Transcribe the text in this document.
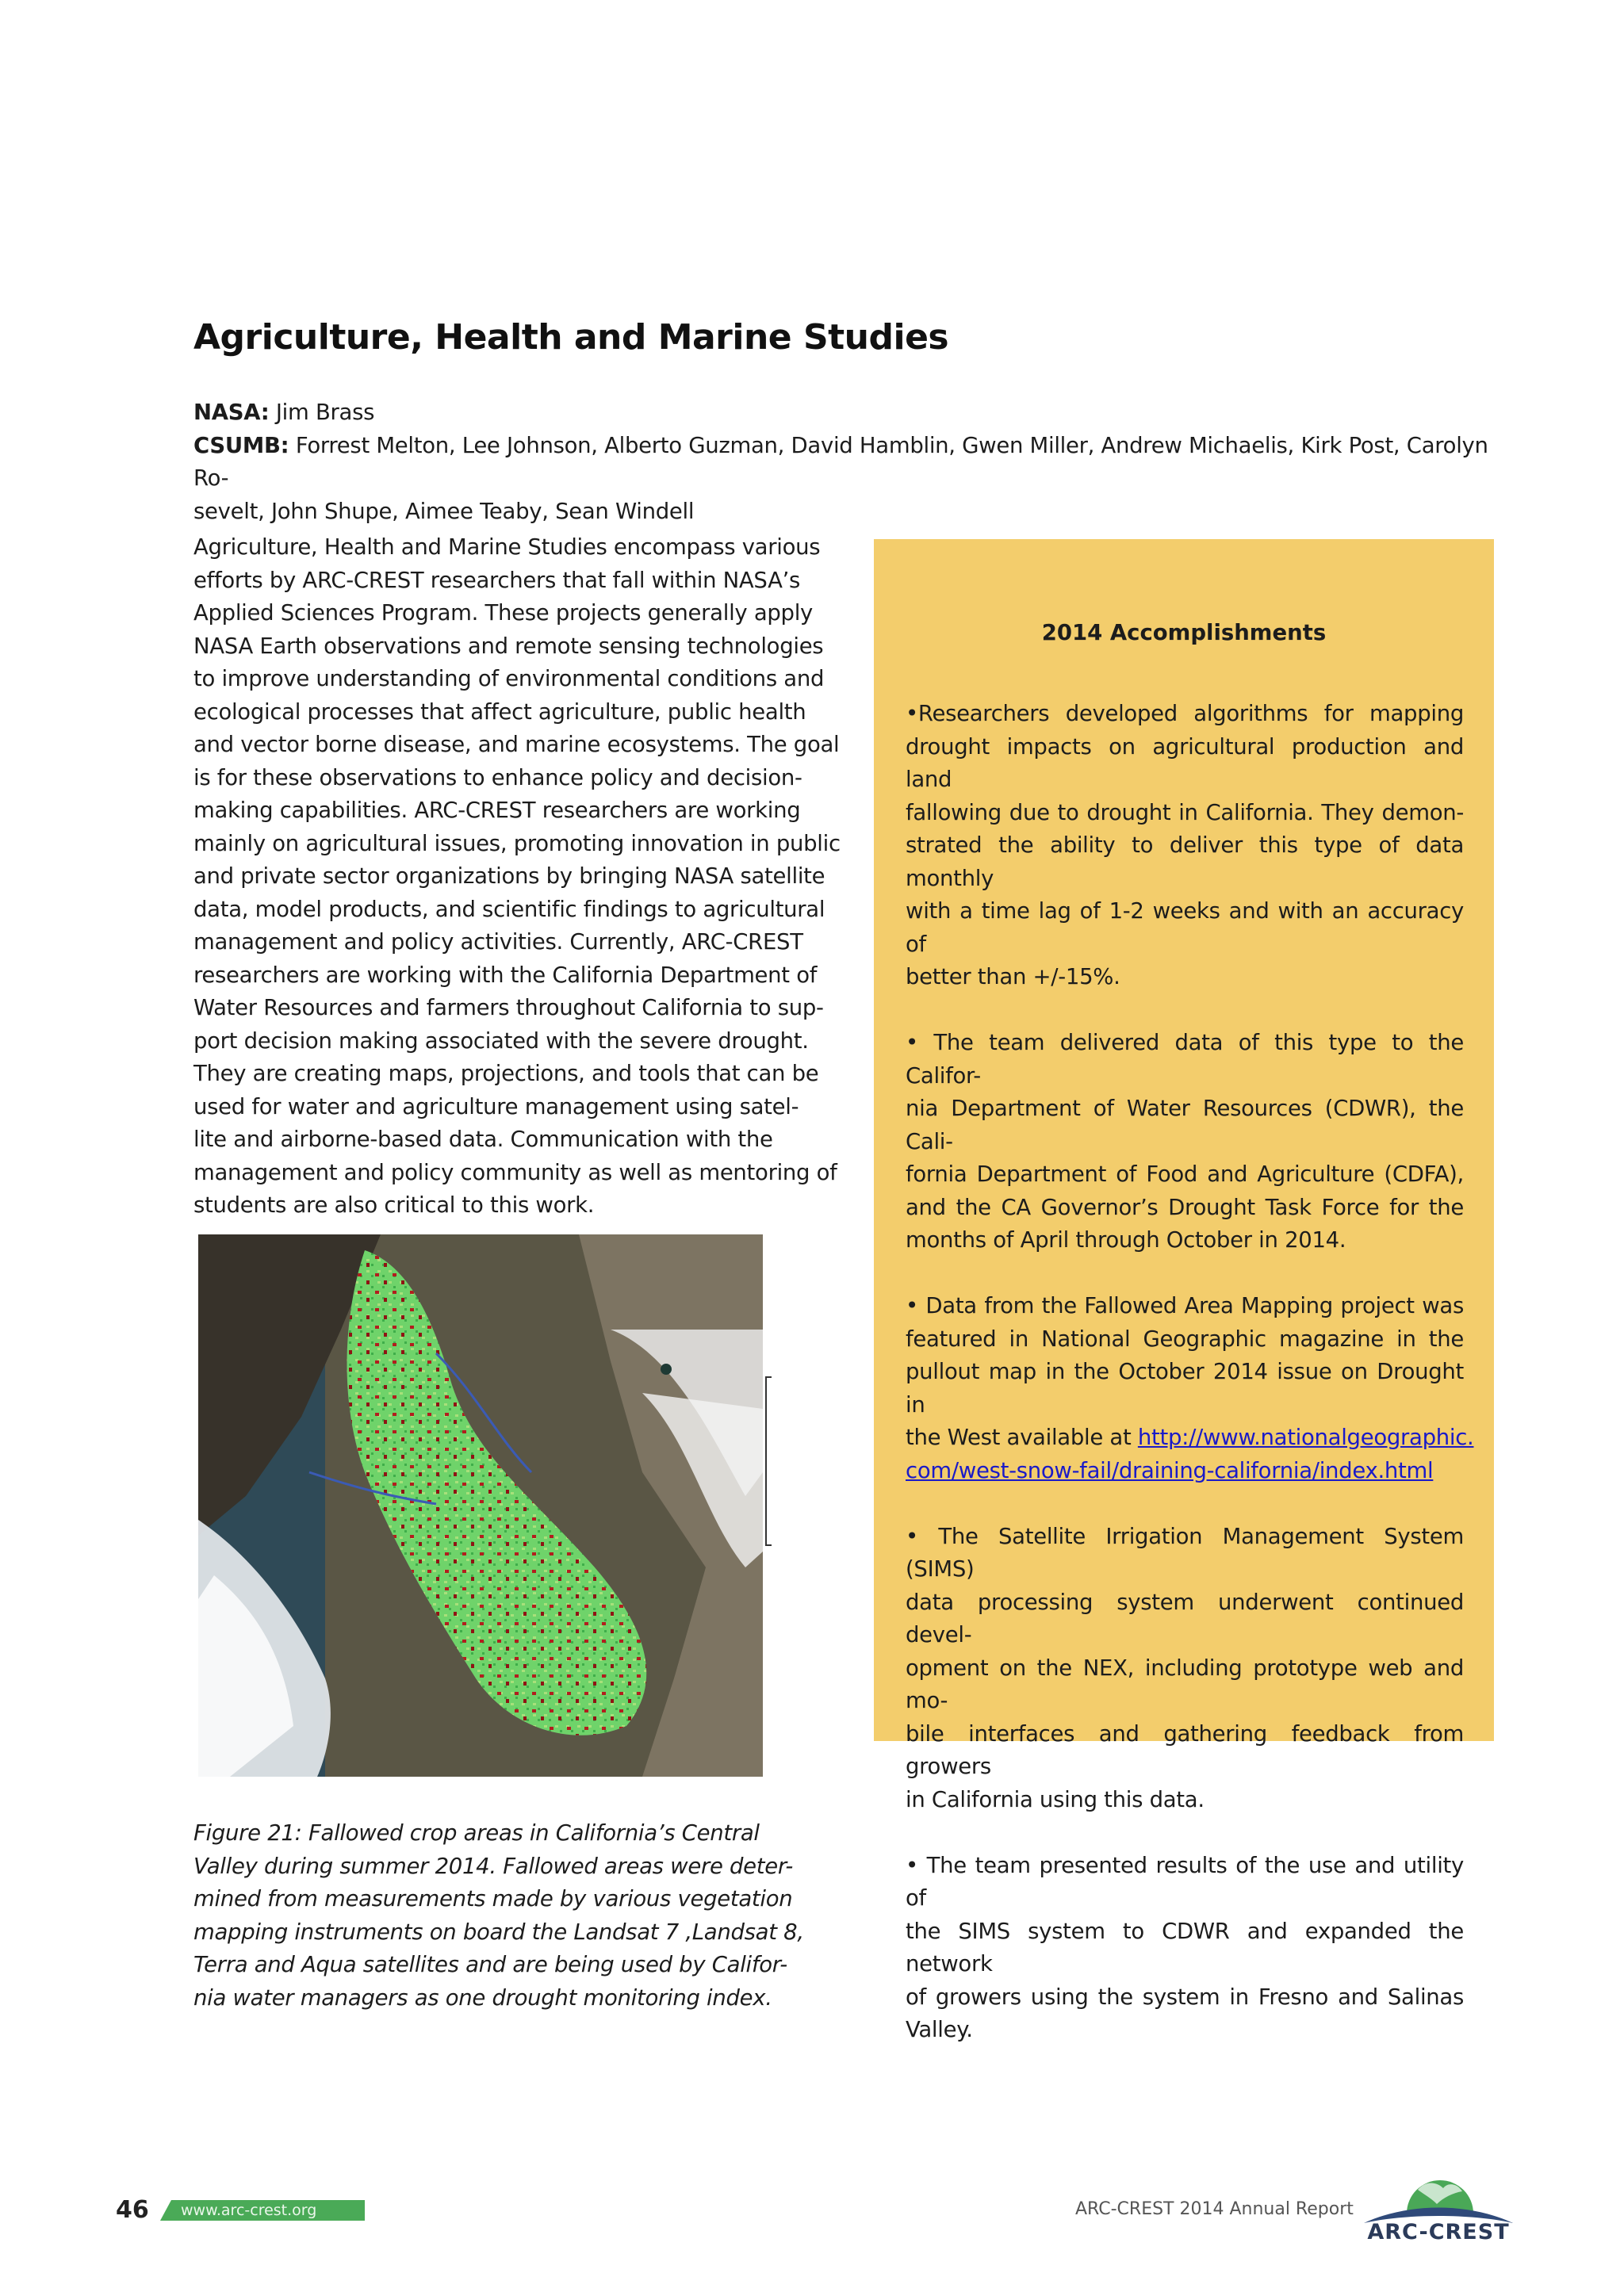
Agriculture, Health and Marine Studies
NASA: Jim Brass
CSUMB: Forrest Melton, Lee Johnson, Alberto Guzman, David Hamblin, Gwen Miller, Andrew Michaelis, Kirk Post, Carolyn Ro-
sevelt, John Shupe, Aimee Teaby, Sean Windell
Agriculture, Health and Marine Studies encompass various
efforts by ARC-CREST researchers that fall within NASA’s
Applied Sciences Program. These projects generally apply
NASA Earth observations and remote sensing technologies
to improve understanding of environmental conditions and
ecological processes that affect agriculture, public health
and vector borne disease, and marine ecosystems. The goal
is for these observations to enhance policy and decision-
making capabilities. ARC-CREST researchers are working
mainly on agricultural issues, promoting innovation in public
and private sector organizations by bringing NASA satellite
data, model products, and scientific findings to agricultural
management and policy activities. Currently, ARC-CREST
researchers are working with the California Department of
Water Resources and farmers throughout California to sup-
port decision making associated with the severe drought.
They are creating maps, projections, and tools that can be
used for water and agriculture management using satel-
lite and airborne-based data. Communication with the
management and policy community as well as mentoring of
students are also critical to this work.
2014 Accomplishments
•Researchers developed algorithms for mapping
drought impacts on agricultural production and land
fallowing due to drought in California. They demon-
strated the ability to deliver this type of data monthly
with a time lag of 1-2 weeks and with an accuracy of
better than +/-15%.
• The team delivered data of this type to the Califor-
nia Department of Water Resources (CDWR), the Cali-
fornia Department of Food and Agriculture (CDFA),
and the CA Governor’s Drought Task Force for the
months of April through October in 2014.
• Data from the Fallowed Area Mapping project was
featured in National Geographic magazine in the
pullout map in the October 2014 issue on Drought in
the West available at http://www.nationalgeographic.
com/west-snow-fail/draining-california/index.html
• The Satellite Irrigation Management System (SIMS)
data processing system underwent continued devel-
opment on the NEX, including prototype web and mo-
bile interfaces and gathering feedback from growers
in California using this data.
• The team presented results of the use and utility of
the SIMS system to CDWR and expanded the network
of growers using the system in Fresno and Salinas
Valley.
Figure 21: Fallowed crop areas in California’s Central
Valley during summer 2014. Fallowed areas were deter-
mined from measurements made by various vegetation
mapping instruments on board the Landsat 7 ,Landsat 8,
Terra and Aqua satellites and are being used by Califor-
nia water managers as one drought monitoring index.
46	www.arc-crest.org	ARC-CREST 2014 Annual Report
ARC-CREST
